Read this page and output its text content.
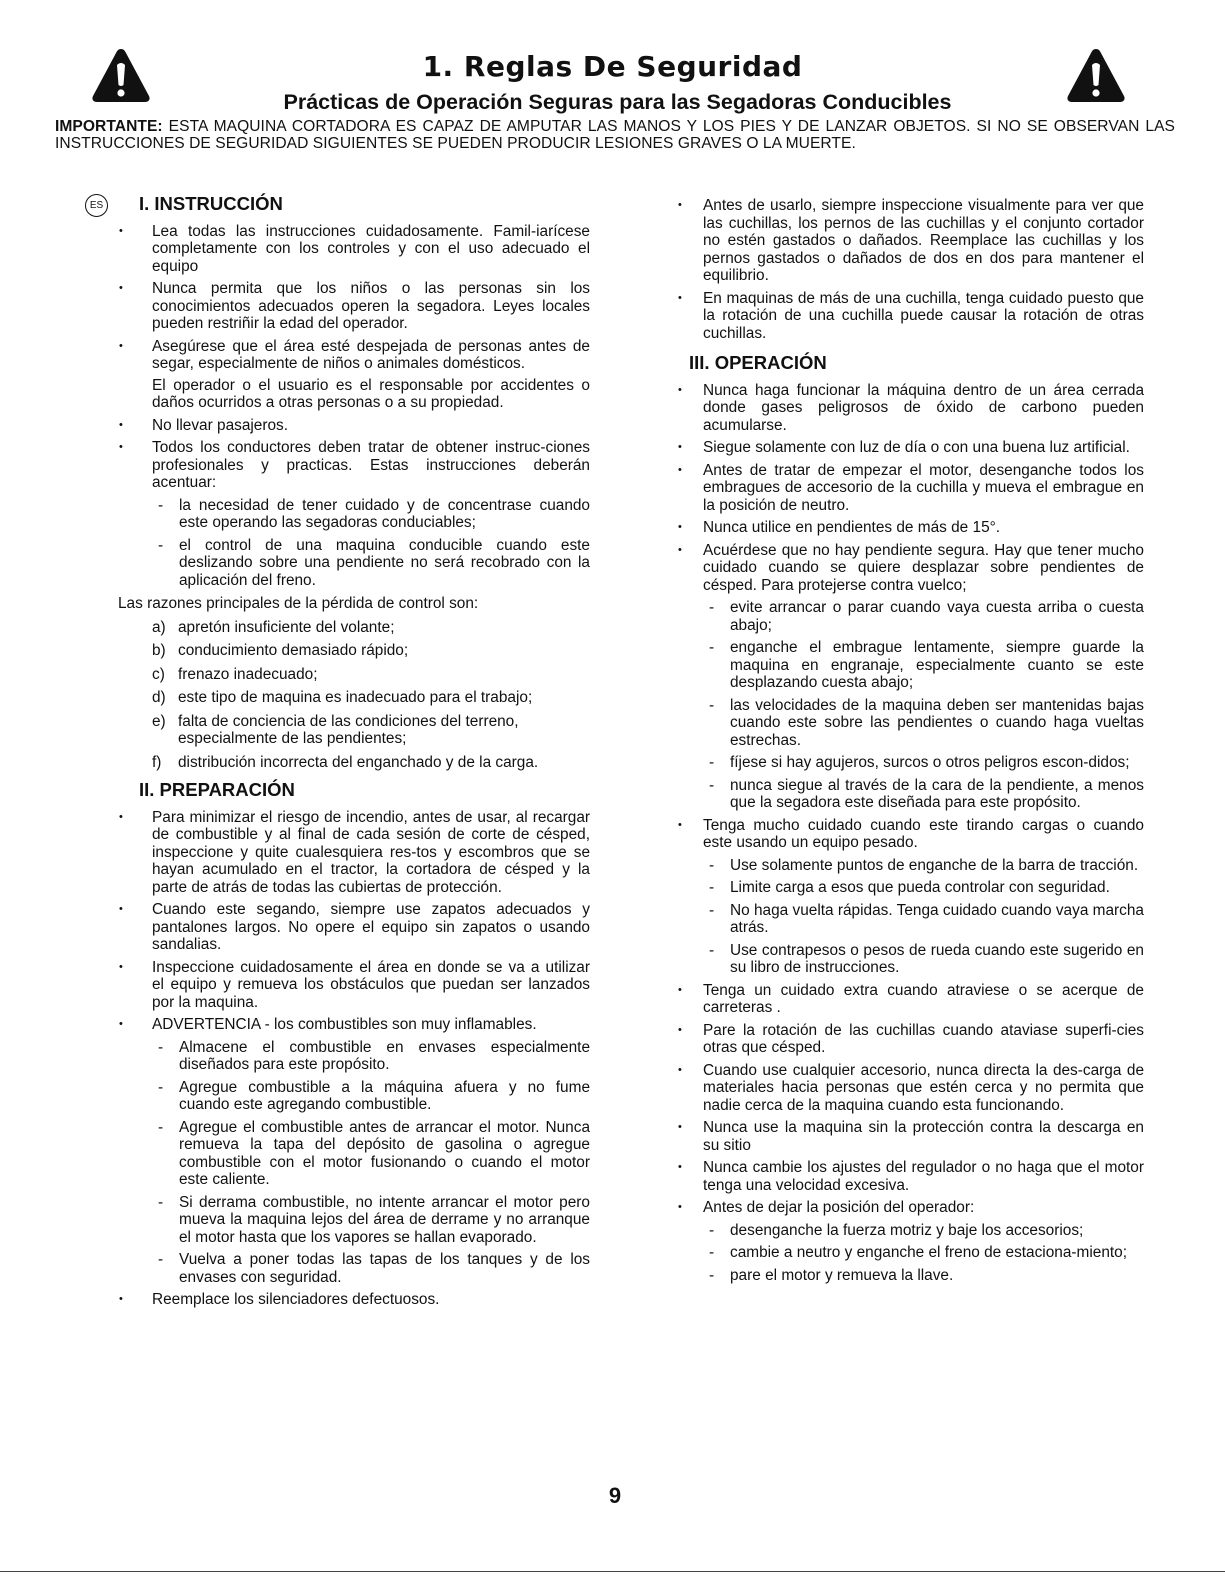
1. Reglas De Seguridad
Prácticas de Operación Seguras para las Segadoras Conducibles

IMPORTANTE: ESTA MAQUINA CORTADORA ES CAPAZ DE AMPUTAR LAS MANOS Y LOS PIES Y DE LANZAR OBJETOS. SI NO SE OBSERVAN LAS INSTRUCCIONES DE SEGURIDAD SIGUIENTES SE PUEDEN PRODUCIR LESIONES GRAVES O LA MUERTE.

ES I. INSTRUCCIÓN
• Lea todas las instrucciones cuidadosamente. Famil-iarícese completamente con los controles y con el uso adecuado el equipo
• Nunca permita que los niños o las personas sin los conocimientos adecuados operen la segadora. Leyes locales pueden restriñir la edad del operador.
• Asegúrese que el área esté despejada de personas antes de segar, especialmente de niños o animales domésticos.
El operador o el usuario es el responsable por accidentes o daños ocurridos a otras personas o a su propiedad.
• No llevar pasajeros.
• Todos los conductores deben tratar de obtener instruc-ciones profesionales y practicas. Estas instrucciones deberán acentuar:
- la necesidad de tener cuidado y de concentrase cuando este operando las segadoras conduciables;
- el control de una maquina conducible cuando este deslizando sobre una pendiente no será recobrado con la aplicación del freno.
Las razones principales de la pérdida de control son:
a) apretón insuficiente del volante;
b) conducimiento demasiado rápido;
c) frenazo inadecuado;
d) este tipo de maquina es inadecuado para el trabajo;
e) falta de conciencia de las condiciones del terreno, especialmente de las pendientes;
f) distribución incorrecta del enganchado y de la carga.
II. PREPARACIÓN
• Para minimizar el riesgo de incendio, antes de usar, al recargar de combustible y al final de cada sesión de corte de césped, inspeccione y quite cualesquiera res-tos y escombros que se hayan acumulado en el tractor, la cortadora de césped y la parte de atrás de todas las cubiertas de protección.
• Cuando este segando, siempre use zapatos adecuados y pantalones largos. No opere el equipo sin zapatos o usando sandalias.
• Inspeccione cuidadosamente el área en donde se va a utilizar el equipo y remueva los obstáculos que puedan ser lanzados por la maquina.
• ADVERTENCIA - los combustibles son muy inflamables.
- Almacene el combustible en envases especialmente diseñados para este propósito.
- Agregue combustible a la máquina afuera y no fume cuando este agregando combustible.
- Agregue el combustible antes de arrancar el motor. Nunca remueva la tapa del depósito de gasolina o agregue combustible con el motor fusionando o cuando el motor este caliente.
- Si derrama combustible, no intente arrancar el motor pero mueva la maquina lejos del área de derrame y no arranque el motor hasta que los vapores se hallan evaporado.
- Vuelva a poner todas las tapas de los tanques y de los envases con seguridad.
• Reemplace los silenciadores defectuosos.
• Antes de usarlo, siempre inspeccione visualmente para ver que las cuchillas, los pernos de las cuchillas y el conjunto cortador no estén gastados o dañados. Reemplace las cuchillas y los pernos gastados o dañados de dos en dos para mantener el equilibrio.
• En maquinas de más de una cuchilla, tenga cuidado puesto que la rotación de una cuchilla puede causar la rotación de otras cuchillas.
III. OPERACIÓN
• Nunca haga funcionar la máquina dentro de un área cerrada donde gases peligrosos de óxido de carbono pueden acumularse.
• Siegue solamente con luz de día o con una buena luz artificial.
• Antes de tratar de empezar el motor, desenganche todos los embragues de accesorio de la cuchilla y mueva el embrague en la posición de neutro.
• Nunca utilice en pendientes de más de 15°.
• Acuérdese que no hay pendiente segura. Hay que tener mucho cuidado cuando se quiere desplazar sobre pendientes de césped. Para protejerse contra vuelco;
- evite arrancar o parar cuando vaya cuesta arriba o cuesta abajo;
- enganche el embrague lentamente, siempre guarde la maquina en engranaje, especialmente cuanto se este desplazando cuesta abajo;
- las velocidades de la maquina deben ser mantenidas bajas cuando este sobre las pendientes o cuando haga vueltas estrechas.
- fíjese si hay agujeros, surcos o otros peligros escon-didos;
- nunca siegue al través de la cara de la pendiente, a menos que la segadora este diseñada para este propósito.
• Tenga mucho cuidado cuando este tirando cargas o cuando este usando un equipo pesado.
- Use solamente puntos de enganche de la barra de tracción.
- Limite carga a esos que pueda controlar con seguridad.
- No haga vuelta rápidas. Tenga cuidado cuando vaya marcha atrás.
- Use contrapesos o pesos de rueda cuando este sugerido en su libro de instrucciones.
• Tenga un cuidado extra cuando atraviese o se acerque de carreteras .
• Pare la rotación de las cuchillas cuando ataviase superfi-cies otras que césped.
• Cuando use cualquier accesorio, nunca directa la des-carga de materiales hacia personas que estén cerca y no permita que nadie cerca de la maquina cuando esta funcionando.
• Nunca use la maquina sin la protección contra la descarga en su sitio
• Nunca cambie los ajustes del regulador o no haga que el motor tenga una velocidad excesiva.
• Antes de dejar la posición del operador:
- desenganche la fuerza motriz y baje los accesorios;
- cambie a neutro y enganche el freno de estaciona-miento;
- pare el motor y remueva la llave.
9
